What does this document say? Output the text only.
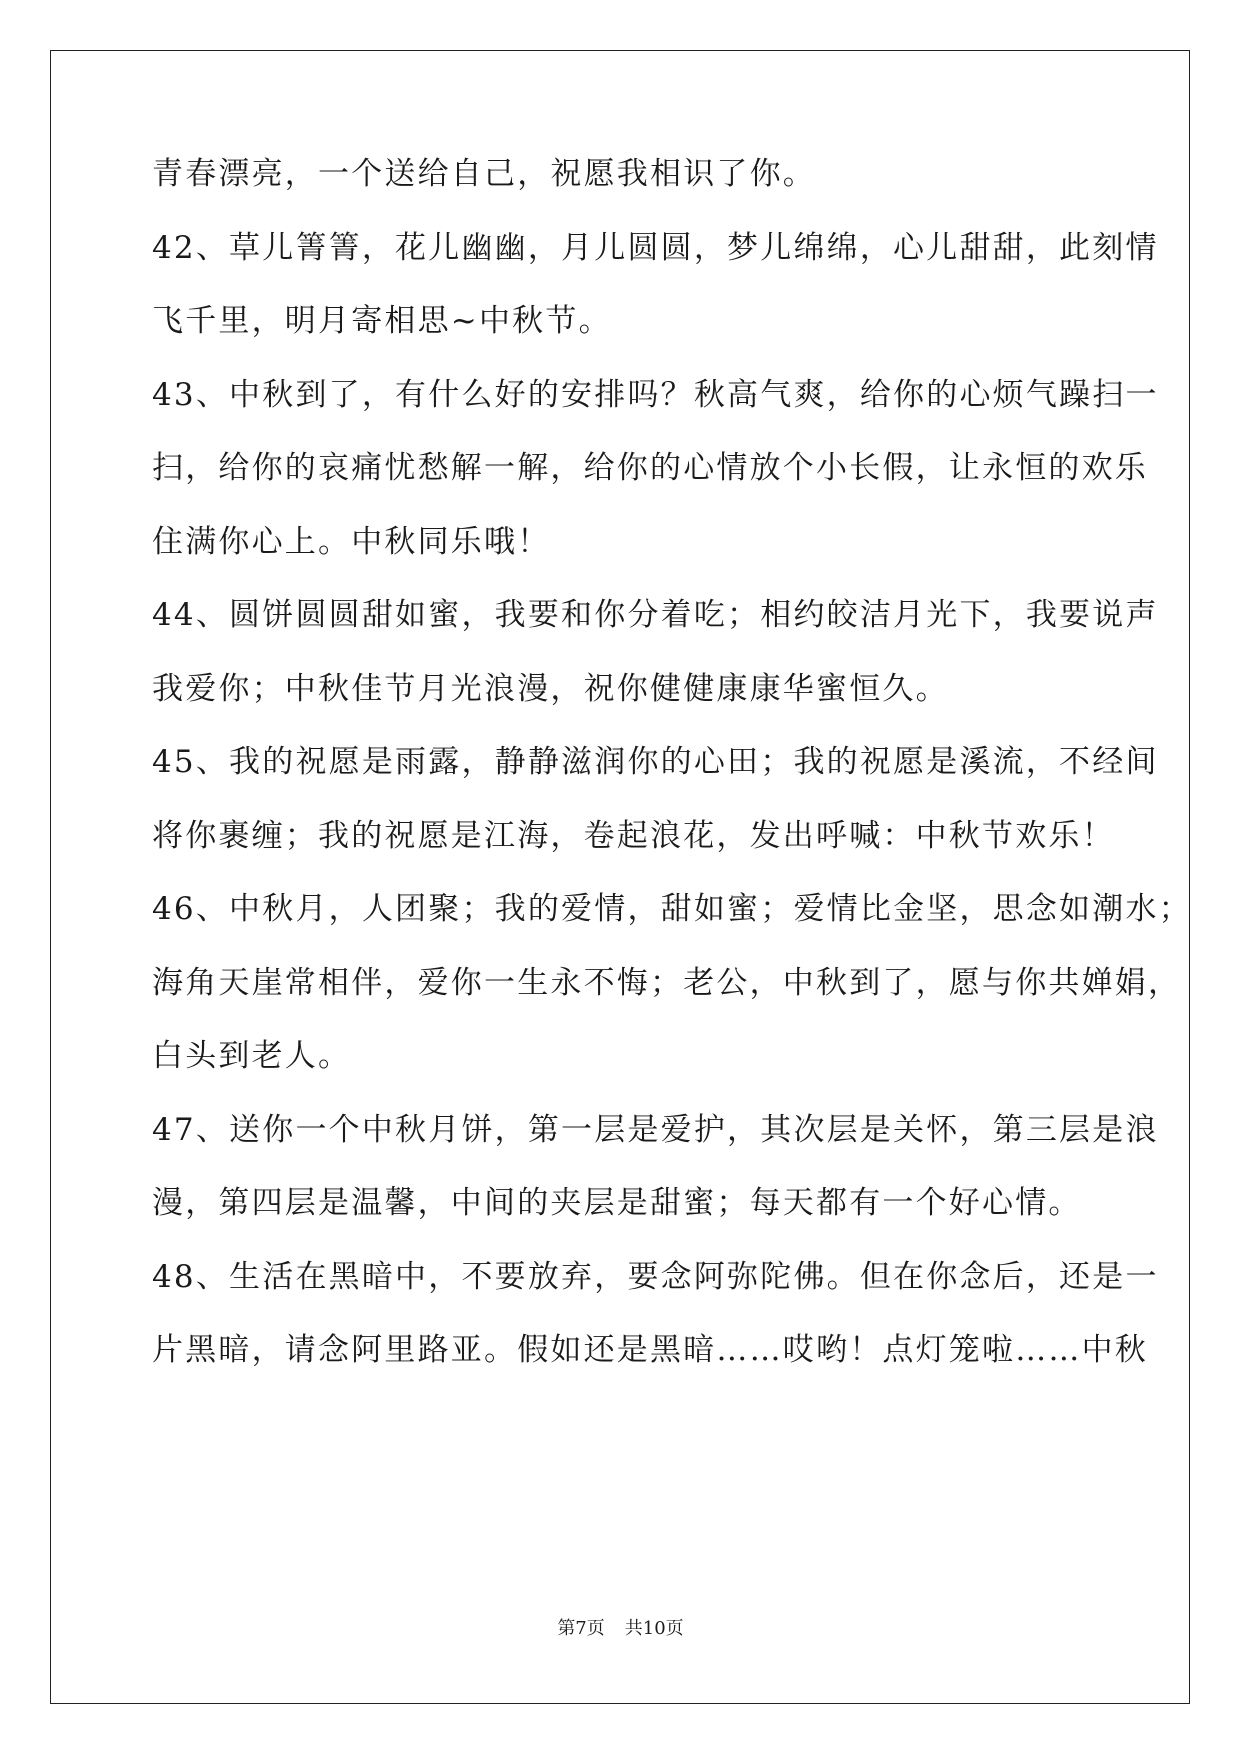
青春漂亮，一个送给自己，祝愿我相识了你。
42、草儿箐箐，花儿幽幽，月儿圆圆，梦儿绵绵，心儿甜甜，此刻情
飞千里，明月寄相思~中秋节。
43、中秋到了，有什么好的安排吗？秋高气爽，给你的心烦气躁扫一
扫，给你的哀痛忧愁解一解，给你的心情放个小长假，让永恒的欢乐
住满你心上。中秋同乐哦！
44、圆饼圆圆甜如蜜，我要和你分着吃；相约皎洁月光下，我要说声
我爱你；中秋佳节月光浪漫，祝你健健康康华蜜恒久。
45、我的祝愿是雨露，静静滋润你的心田；我的祝愿是溪流，不经间
将你裹缠；我的祝愿是江海，卷起浪花，发出呼喊：中秋节欢乐！
46、中秋月，人团聚；我的爱情，甜如蜜；爱情比金坚，思念如潮水；
海角天崖常相伴，爱你一生永不悔；老公，中秋到了，愿与你共婵娟，
白头到老人。
47、送你一个中秋月饼，第一层是爱护，其次层是关怀，第三层是浪
漫，第四层是温馨，中间的夹层是甜蜜；每天都有一个好心情。
48、生活在黑暗中，不要放弃，要念阿弥陀佛。但在你念后，还是一
片黑暗，请念阿里路亚。假如还是黑暗……哎哟！点灯笼啦……中秋
第7页 共10页
